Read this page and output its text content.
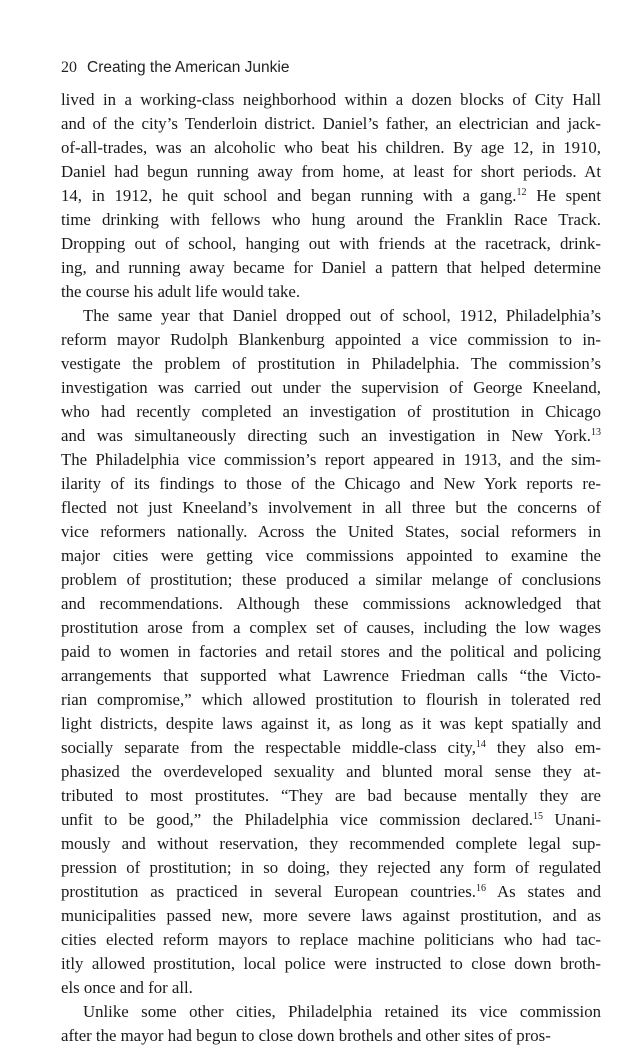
20 Creating the American Junkie
lived in a working-class neighborhood within a dozen blocks of City Hall
and of the city’s Tenderloin district. Daniel’s father, an electrician and jack-
of-all-trades, was an alcoholic who beat his children. By age 12, in 1910,
Daniel had begun running away from home, at least for short periods. At
14, in 1912, he quit school and began running with a gang.$^{12}$ He spent
time drinking with fellows who hung around the Franklin Race Track.
Dropping out of school, hanging out with friends at the racetrack, drink-
ing, and running away became for Daniel a pattern that helped determine
the course his adult life would take.
The same year that Daniel dropped out of school, 1912, Philadelphia’s
reform mayor Rudolph Blankenburg appointed a vice commission to in-
vestigate the problem of prostitution in Philadelphia. The commission’s
investigation was carried out under the supervision of George Kneeland,
who had recently completed an investigation of prostitution in Chicago
and was simultaneously directing such an investigation in New York.$^{13}$
The Philadelphia vice commission’s report appeared in 1913, and the sim-
ilarity of its findings to those of the Chicago and New York reports re-
flected not just Kneeland’s involvement in all three but the concerns of
vice reformers nationally. Across the United States, social reformers in
major cities were getting vice commissions appointed to examine the
problem of prostitution; these produced a similar melange of conclusions
and recommendations. Although these commissions acknowledged that
prostitution arose from a complex set of causes, including the low wages
paid to women in factories and retail stores and the political and policing
arrangements that supported what Lawrence Friedman calls “the Victo-
rian compromise,” which allowed prostitution to flourish in tolerated red
light districts, despite laws against it, as long as it was kept spatially and
socially separate from the respectable middle-class city,$^{14}$ they also em-
phasized the overdeveloped sexuality and blunted moral sense they at-
tributed to most prostitutes. “They are bad because mentally they are
unfit to be good,” the Philadelphia vice commission declared.$^{15}$ Unani-
mously and without reservation, they recommended complete legal sup-
pression of prostitution; in so doing, they rejected any form of regulated
prostitution as practiced in several European countries.$^{16}$ As states and
municipalities passed new, more severe laws against prostitution, and as
cities elected reform mayors to replace machine politicians who had tac-
itly allowed prostitution, local police were instructed to close down broth-
els once and for all.
Unlike some other cities, Philadelphia retained its vice commission
after the mayor had begun to close down brothels and other sites of pros-
